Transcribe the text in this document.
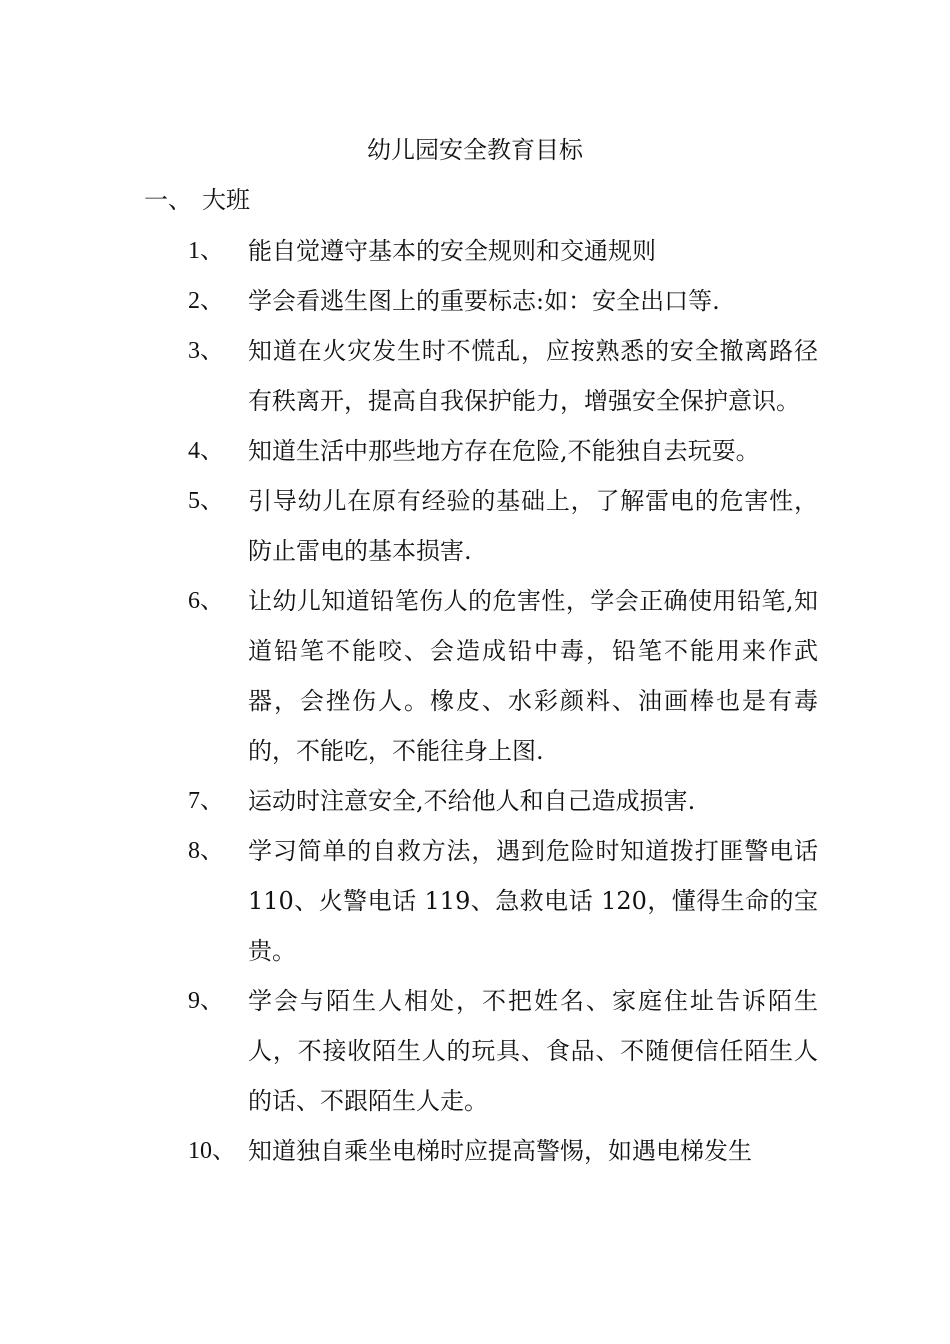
幼儿园安全教育目标
一、 大班
1、	能自觉遵守基本的安全规则和交通规则
2、	学会看逃生图上的重要标志:如：安全出口等.
3、	知道在火灾发生时不慌乱，应按熟悉的安全撤离路径有秩离开，提高自我保护能力，增强安全保护意识。
4、	知道生活中那些地方存在危险,不能独自去玩耍。
5、	引导幼儿在原有经验的基础上，了解雷电的危害性，防止雷电的基本损害.
6、	让幼儿知道铅笔伤人的危害性，学会正确使用铅笔,知道铅笔不能咬、会造成铅中毒，铅笔不能用来作武器，会挫伤人。橡皮、水彩颜料、油画棒也是有毒的，不能吃，不能往身上图.
7、	运动时注意安全,不给他人和自己造成损害.
8、	学习简单的自救方法，遇到危险时知道拨打匪警电话 110、火警电话 119、急救电话 120，懂得生命的宝贵。
9、	学会与陌生人相处，不把姓名、家庭住址告诉陌生人，不接收陌生人的玩具、食品、不随便信任陌生人的话、不跟陌生人走。
10、 知道独自乘坐电梯时应提高警惕，如遇电梯发生
